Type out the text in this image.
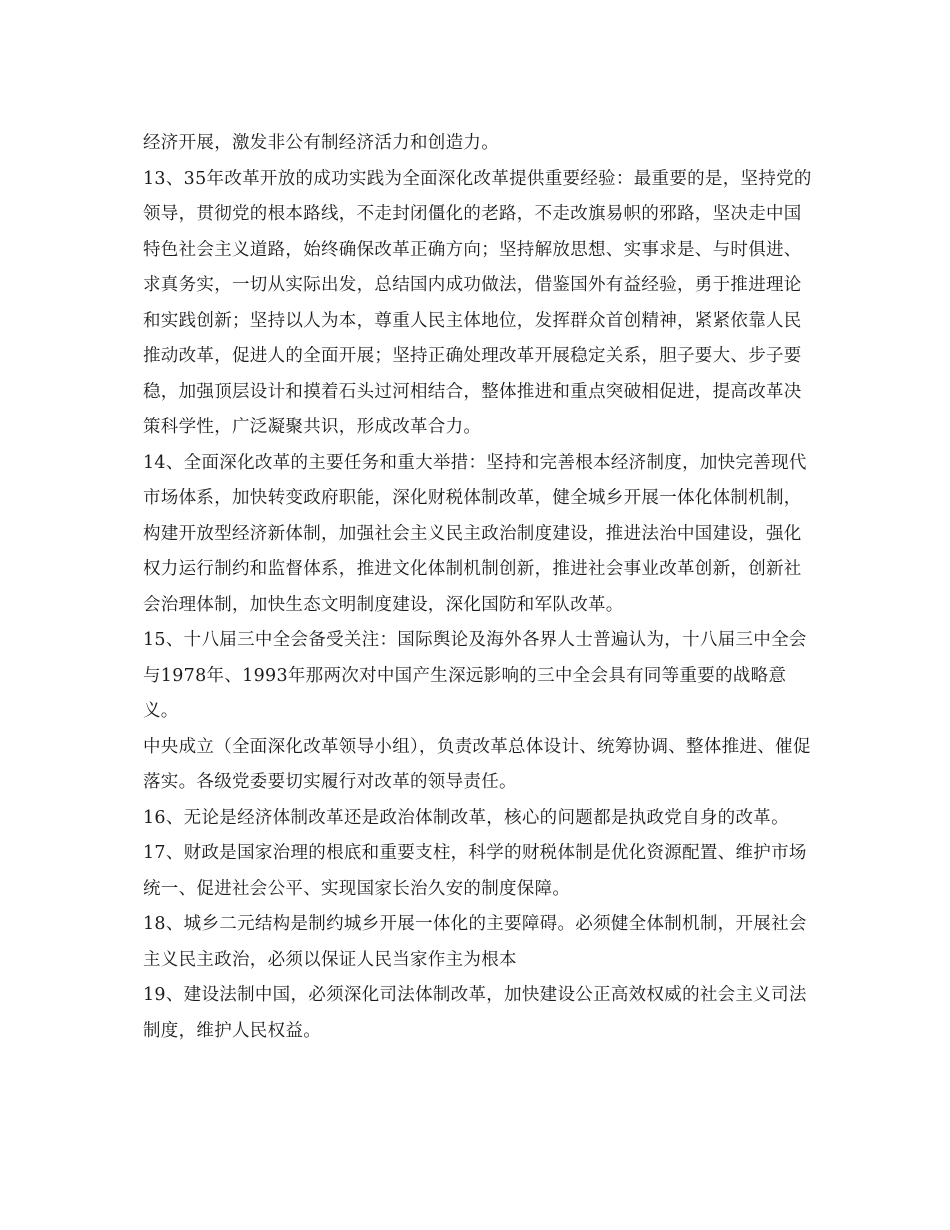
经济开展，激发非公有制经济活力和创造力。

13、35年改革开放的成功实践为全面深化改革提供重要经验：最重要的是，坚持党的领导，贯彻党的根本路线，不走封闭僵化的老路，不走改旗易帜的邪路，坚决走中国特色社会主义道路，始终确保改革正确方向；坚持解放思想、实事求是、与时俱进、求真务实，一切从实际出发，总结国内成功做法，借鉴国外有益经验，勇于推进理论和实践创新；坚持以人为本，尊重人民主体地位，发挥群众首创精神，紧紧依靠人民推动改革，促进人的全面开展；坚持正确处理改革开展稳定关系，胆子要大、步子要稳，加强顶层设计和摸着石头过河相结合，整体推进和重点突破相促进，提高改革决策科学性，广泛凝聚共识，形成改革合力。

14、全面深化改革的主要任务和重大举措：坚持和完善根本经济制度，加快完善现代市场体系，加快转变政府职能，深化财税体制改革，健全城乡开展一体化体制机制，构建开放型经济新体制，加强社会主义民主政治制度建设，推进法治中国建设，强化权力运行制约和监督体系，推进文化体制机制创新，推进社会事业改革创新，创新社会治理体制，加快生态文明制度建设，深化国防和军队改革。

15、十八届三中全会备受关注：国际舆论及海外各界人士普遍认为，十八届三中全会与1978年、1993年那两次对中国产生深远影响的三中全会具有同等重要的战略意义。

中央成立（全面深化改革领导小组），负责改革总体设计、统筹协调、整体推进、催促落实。各级党委要切实履行对改革的领导责任。

16、无论是经济体制改革还是政治体制改革，核心的问题都是执政党自身的改革。

17、财政是国家治理的根底和重要支柱，科学的财税体制是优化资源配置、维护市场统一、促进社会公平、实现国家长治久安的制度保障。

18、城乡二元结构是制约城乡开展一体化的主要障碍。必须健全体制机制，开展社会主义民主政治，必须以保证人民当家作主为根本

19、建设法制中国，必须深化司法体制改革，加快建设公正高效权威的社会主义司法制度，维护人民权益。
